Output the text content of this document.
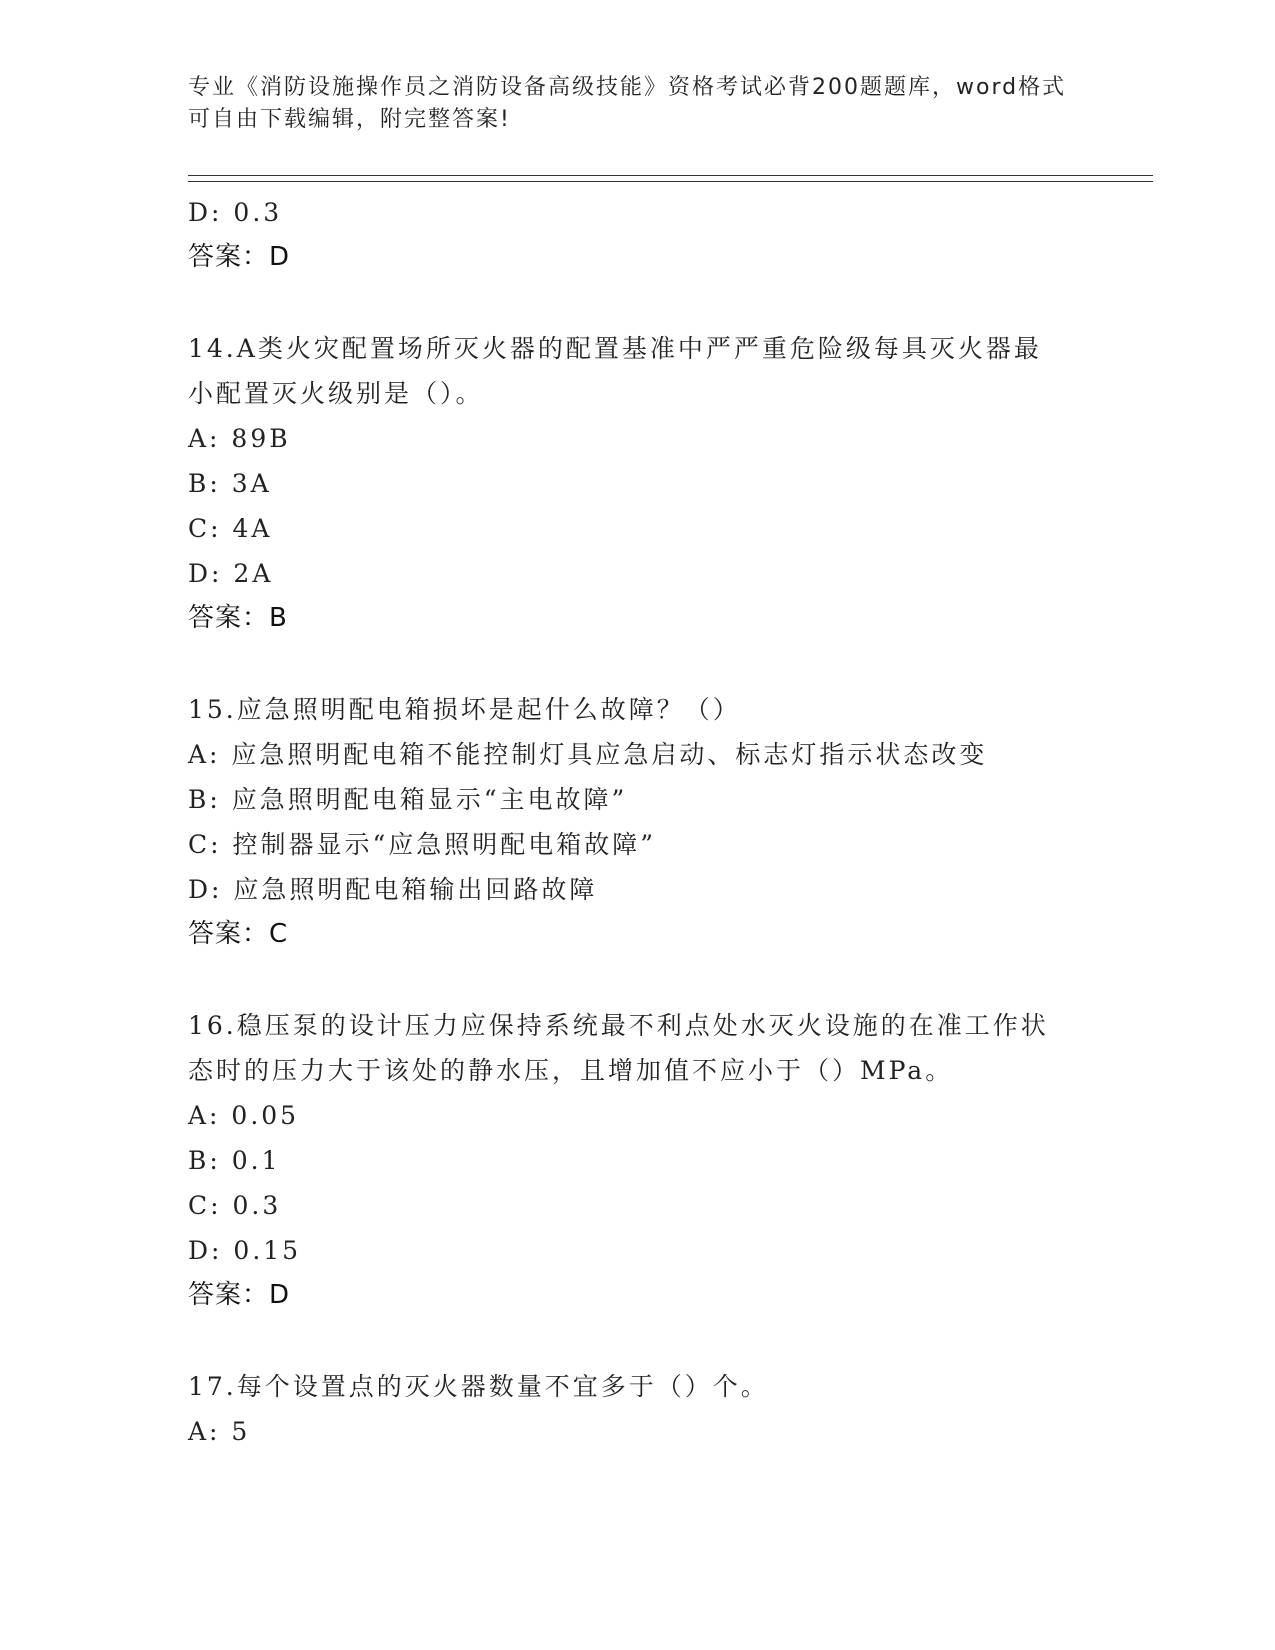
专业《消防设施操作员之消防设备高级技能》资格考试必背200题题库，word格式可自由下载编辑，附完整答案!
D: 0.3
答案：D
14.A类火灾配置场所灭火器的配置基准中严严重危险级每具灭火器最小配置灭火级别是（）。
A: 89B
B: 3A
C: 4A
D: 2A
答案：B
15.应急照明配电箱损坏是起什么故障？（）
A: 应急照明配电箱不能控制灯具应急启动、标志灯指示状态改变
B: 应急照明配电箱显示“主电故障”
C: 控制器显示“应急照明配电箱故障”
D: 应急照明配电箱输出回路故障
答案：C
16.稳压泵的设计压力应保持系统最不利点处水灭火设施的在准工作状态时的压力大于该处的静水压，且增加值不应小于（）MPa。
A: 0.05
B: 0.1
C: 0.3
D: 0.15
答案：D
17.每个设置点的灭火器数量不宜多于（）个。
A: 5
